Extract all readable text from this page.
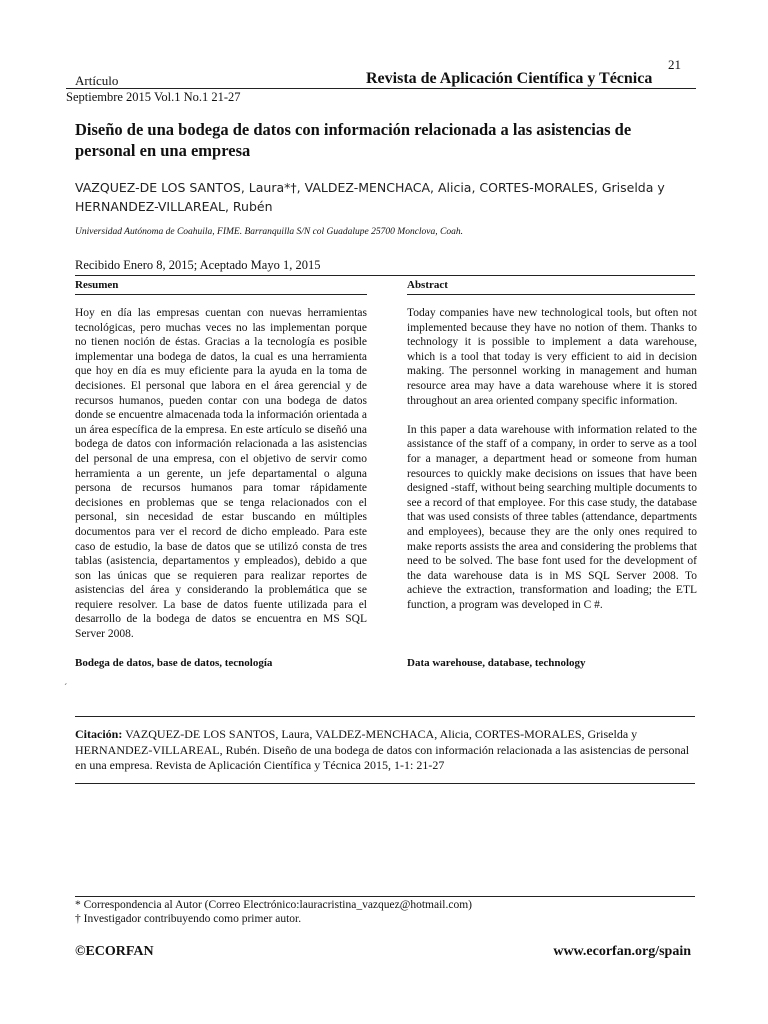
21
Artículo	Revista de Aplicación Científica y Técnica
Septiembre 2015 Vol.1 No.1 21-27
Diseño de una bodega de datos con información relacionada a las asistencias de personal en una empresa
VAZQUEZ-DE LOS SANTOS, Laura*†, VALDEZ-MENCHACA, Alicia, CORTES-MORALES, Griselda y HERNANDEZ-VILLAREAL, Rubén
Universidad Autónoma de Coahuila, FIME. Barranquilla S/N col Guadalupe 25700 Monclova, Coah.
Recibido Enero 8, 2015; Aceptado Mayo 1, 2015
Resumen
Hoy en día las empresas cuentan con nuevas herramientas tecnológicas, pero muchas veces no las implementan porque no tienen noción de éstas. Gracias a la tecnología es posible implementar una bodega de datos, la cual es una herramienta que hoy en día es muy eficiente para la ayuda en la toma de decisiones. El personal que labora en el área gerencial y de recursos humanos, pueden contar con una bodega de datos donde se encuentre almacenada toda la información orientada a un área específica de la empresa. En este artículo se diseñó una bodega de datos con información relacionada a las asistencias del personal de una empresa, con el objetivo de servir como herramienta a un gerente, un jefe departamental o alguna persona de recursos humanos para tomar rápidamente decisiones en problemas que se tenga relacionados con el personal, sin necesidad de estar buscando en múltiples documentos para ver el record de dicho empleado. Para este caso de estudio, la base de datos que se utilizó consta de tres tablas (asistencia, departamentos y empleados), debido a que son las únicas que se requieren para realizar reportes de asistencias del área y considerando la problemática que se requiere resolver. La base de datos fuente utilizada para el desarrollo de la bodega de datos se encuentra en MS SQL Server 2008.
Bodega de datos, base de datos, tecnología
Abstract
Today companies have new technological tools, but often not implemented because they have no notion of them. Thanks to technology it is possible to implement a data warehouse, which is a tool that today is very efficient to aid in decision making. The personnel working in management and human resource area may have a data warehouse where it is stored throughout an area oriented company specific information.

In this paper a data warehouse with information related to the assistance of the staff of a company, in order to serve as a tool for a manager, a department head or someone from human resources to quickly make decisions on issues that have been designed -staff, without being searching multiple documents to see a record of that employee. For this case study, the database that was used consists of three tables (attendance, departments and employees), because they are the only ones required to make reports assists the area and considering the problems that need to be solved. The base font used for the development of the data warehouse data is in MS SQL Server 2008. To achieve the extraction, transformation and loading; the ETL function, a program was developed in C #.
Data warehouse, database, technology
´
Citación: VAZQUEZ-DE LOS SANTOS, Laura, VALDEZ-MENCHACA, Alicia, CORTES-MORALES, Griselda y HERNANDEZ-VILLAREAL, Rubén. Diseño de una bodega de datos con información relacionada a las asistencias de personal en una empresa. Revista de Aplicación Científica y Técnica 2015, 1-1: 21-27
* Correspondencia al Autor (Correo Electrónico:lauracristina_vazquez@hotmail.com)
† Investigador contribuyendo como primer autor.
©ECORFAN	www.ecorfan.org/spain
